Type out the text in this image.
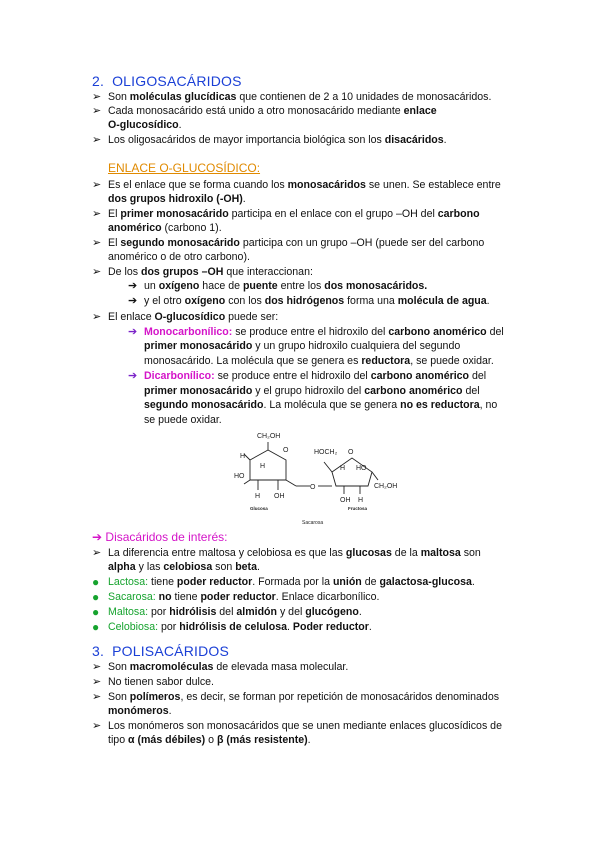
2. OLIGOSACÁRIDOS
➢ Son moléculas glucídicas que contienen de 2 a 10 unidades de monosacáridos.
➢ Cada monosacárido está unido a otro monosacárido mediante enlace
O-glucosídico.
➢ Los oligosacáridos de mayor importancia biológica son los disacáridos.
ENLACE O-GLUCOSÍDICO:
➢ Es el enlace que se forma cuando los monosacáridos se unen. Se establece entre
dos grupos hidroxilo (-OH).
➢ El primer monosacárido participa en el enlace con el grupo –OH del carbono
anomérico (carbono 1).
➢ El segundo monosacárido participa con un grupo –OH (puede ser del carbono
anomérico o de otro carbono).
➢ De los dos grupos –OH que interaccionan:
➔ un oxígeno hace de puente entre los dos monosacáridos.
➔ y el otro oxígeno con los dos hidrógenos forma una molécula de agua.
➢ El enlace O-glucosídico puede ser:
➔ Monocarbonílico: se produce entre el hidroxilo del carbono anomérico del
primer monosacárido y un grupo hidroxilo cualquiera del segundo
monosacárido. La molécula que se genera es reductora, se puede oxidar.
➔ Dicarbonílico: se produce entre el hidroxilo del carbono anomérico del
primer monosacárido y el grupo hidroxilo del carbono anomérico del
segundo monosacárido. La molécula que se genera no es reductora, no
se puede oxidar.
CH₂OH
O
H
H
HO
H OH
O
HOCH₂ O
H HO
OH H
CH₂OH
Glucosa	Fructosa
Sacarosa
➔ Disacáridos de interés:
➢ La diferencia entre maltosa y celobiosa es que las glucosas de la maltosa son
alpha y las celobiosa son beta.
● Lactosa: tiene poder reductor. Formada por la unión de galactosa-glucosa.
● Sacarosa: no tiene poder reductor. Enlace dicarbonílico.
● Maltosa: por hidrólisis del almidón y del glucógeno.
● Celobiosa: por hidrólisis de celulosa. Poder reductor.
3. POLISACÁRIDOS
➢ Son macromoléculas de elevada masa molecular.
➢ No tienen sabor dulce.
➢ Son polímeros, es decir, se forman por repetición de monosacáridos denominados
monómeros.
➢ Los monómeros son monosacáridos que se unen mediante enlaces glucosídicos de
tipo α (más débiles) o β (más resistente).
